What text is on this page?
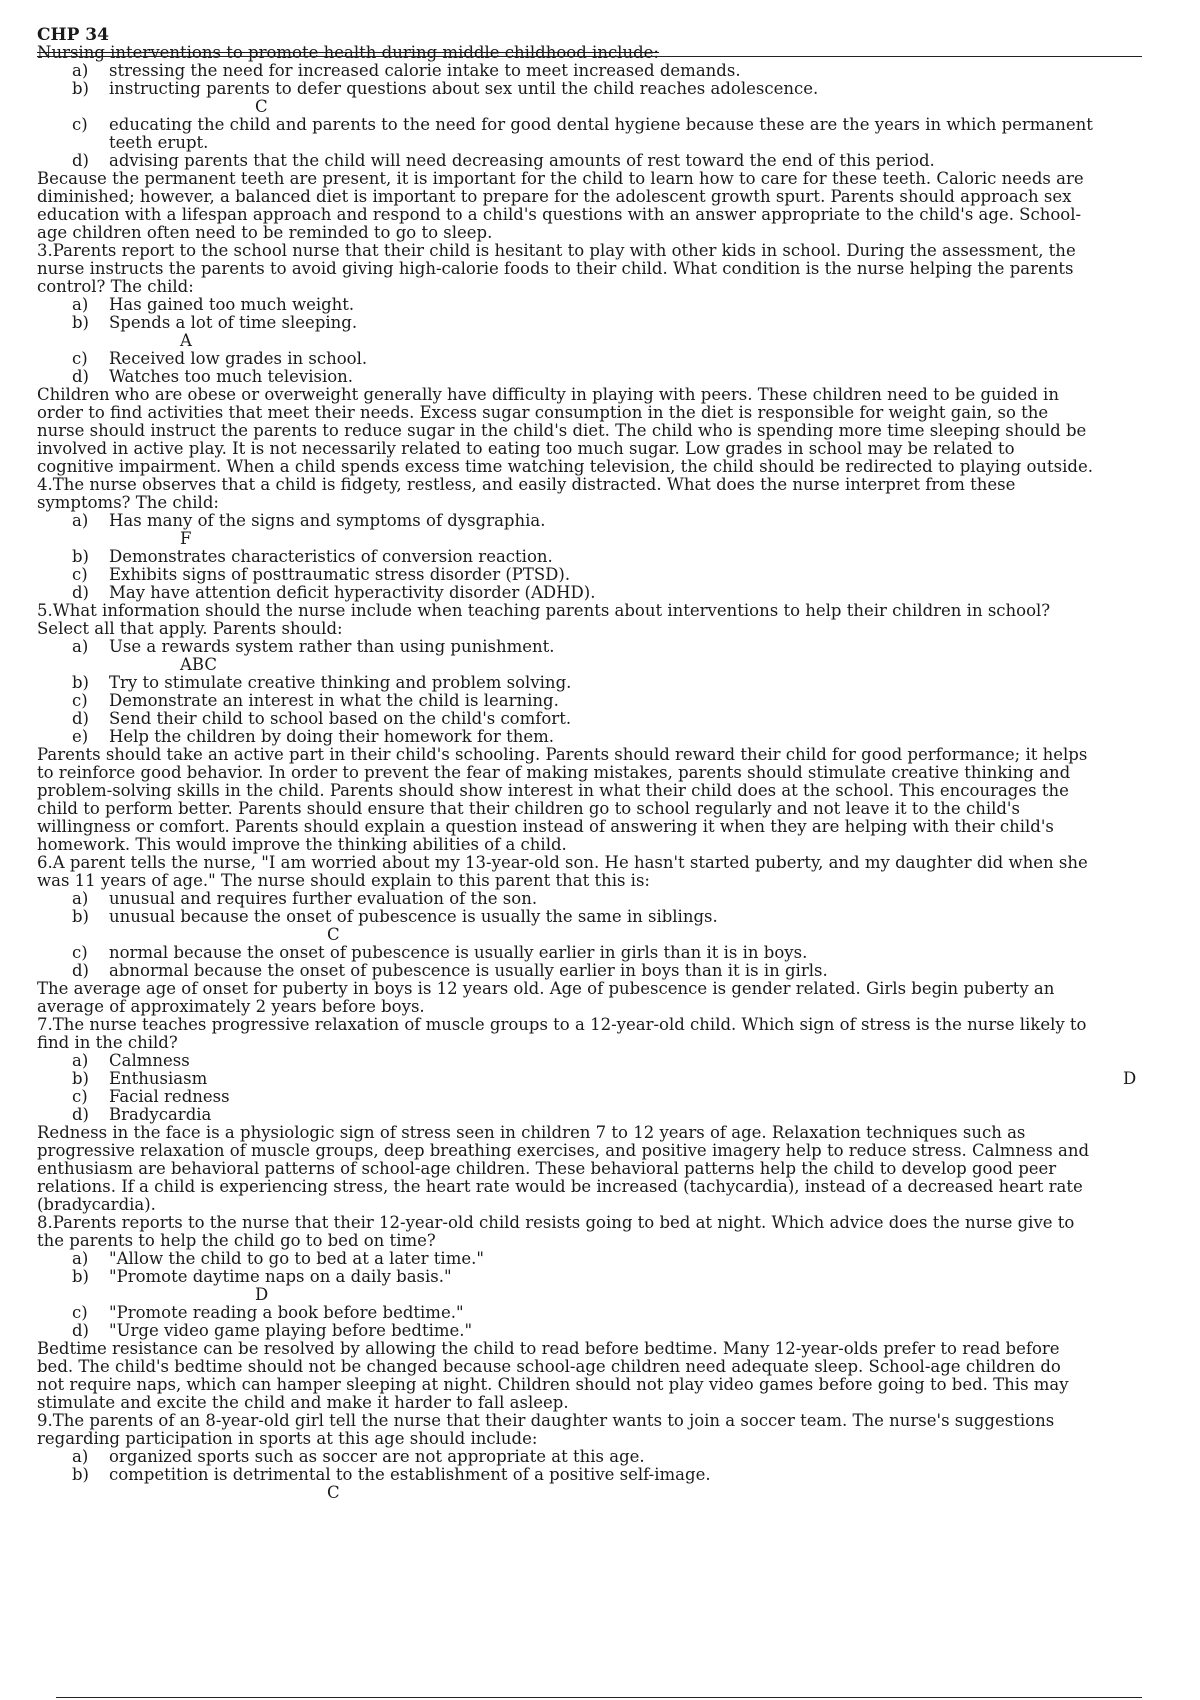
CHP 34
Nursing interventions to promote health during middle childhood include:
a) stressing the need for increased calorie intake to meet increased demands.
b) instructing parents to defer questions about sex until the child reaches adolescence.
C
c) educating the child and parents to the need for good dental hygiene because these are the years in which permanent
teeth erupt.
d) advising parents that the child will need decreasing amounts of rest toward the end of this period.
Because the permanent teeth are present, it is important for the child to learn how to care for these teeth. Caloric needs are
diminished; however, a balanced diet is important to prepare for the adolescent growth spurt. Parents should approach sex
education with a lifespan approach and respond to a child's questions with an answer appropriate to the child's age. School-
age children often need to be reminded to go to sleep.
3.Parents report to the school nurse that their child is hesitant to play with other kids in school. During the assessment, the
nurse instructs the parents to avoid giving high-calorie foods to their child. What condition is the nurse helping the parents
control? The child:
a) Has gained too much weight.
b) Spends a lot of time sleeping.
A
c) Received low grades in school.
d) Watches too much television.
Children who are obese or overweight generally have difficulty in playing with peers. These children need to be guided in
order to find activities that meet their needs. Excess sugar consumption in the diet is responsible for weight gain, so the
nurse should instruct the parents to reduce sugar in the child's diet. The child who is spending more time sleeping should be
involved in active play. It is not necessarily related to eating too much sugar. Low grades in school may be related to
cognitive impairment. When a child spends excess time watching television, the child should be redirected to playing outside.
4.The nurse observes that a child is fidgety, restless, and easily distracted. What does the nurse interpret from these
symptoms? The child:
a) Has many of the signs and symptoms of dysgraphia.
F
b) Demonstrates characteristics of conversion reaction.
c) Exhibits signs of posttraumatic stress disorder (PTSD).
d) May have attention deficit hyperactivity disorder (ADHD).
5.What information should the nurse include when teaching parents about interventions to help their children in school?
Select all that apply. Parents should:
a) Use a rewards system rather than using punishment.
ABC
b) Try to stimulate creative thinking and problem solving.
c) Demonstrate an interest in what the child is learning.
d) Send their child to school based on the child's comfort.
e) Help the children by doing their homework for them.
Parents should take an active part in their child's schooling. Parents should reward their child for good performance; it helps
to reinforce good behavior. In order to prevent the fear of making mistakes, parents should stimulate creative thinking and
problem-solving skills in the child. Parents should show interest in what their child does at the school. This encourages the
child to perform better. Parents should ensure that their children go to school regularly and not leave it to the child's
willingness or comfort. Parents should explain a question instead of answering it when they are helping with their child's
homework. This would improve the thinking abilities of a child.
6.A parent tells the nurse, "I am worried about my 13-year-old son. He hasn't started puberty, and my daughter did when she
was 11 years of age." The nurse should explain to this parent that this is:
a) unusual and requires further evaluation of the son.
b) unusual because the onset of pubescence is usually the same in siblings.
C
c) normal because the onset of pubescence is usually earlier in girls than it is in boys.
d) abnormal because the onset of pubescence is usually earlier in boys than it is in girls.
The average age of onset for puberty in boys is 12 years old. Age of pubescence is gender related. Girls begin puberty an
average of approximately 2 years before boys.
7.The nurse teaches progressive relaxation of muscle groups to a 12-year-old child. Which sign of stress is the nurse likely to
find in the child?
a) Calmness
b) Enthusiasm	D
c) Facial redness
d) Bradycardia
Redness in the face is a physiologic sign of stress seen in children 7 to 12 years of age. Relaxation techniques such as
progressive relaxation of muscle groups, deep breathing exercises, and positive imagery help to reduce stress. Calmness and
enthusiasm are behavioral patterns of school-age children. These behavioral patterns help the child to develop good peer
relations. If a child is experiencing stress, the heart rate would be increased (tachycardia), instead of a decreased heart rate
(bradycardia).
8.Parents reports to the nurse that their 12-year-old child resists going to bed at night. Which advice does the nurse give to
the parents to help the child go to bed on time?
a) "Allow the child to go to bed at a later time."
b) "Promote daytime naps on a daily basis."
D
c) "Promote reading a book before bedtime."
d) "Urge video game playing before bedtime."
Bedtime resistance can be resolved by allowing the child to read before bedtime. Many 12-year-olds prefer to read before
bed. The child's bedtime should not be changed because school-age children need adequate sleep. School-age children do
not require naps, which can hamper sleeping at night. Children should not play video games before going to bed. This may
stimulate and excite the child and make it harder to fall asleep.
9.The parents of an 8-year-old girl tell the nurse that their daughter wants to join a soccer team. The nurse's suggestions
regarding participation in sports at this age should include:
a) organized sports such as soccer are not appropriate at this age.
b) competition is detrimental to the establishment of a positive self-image.
C
